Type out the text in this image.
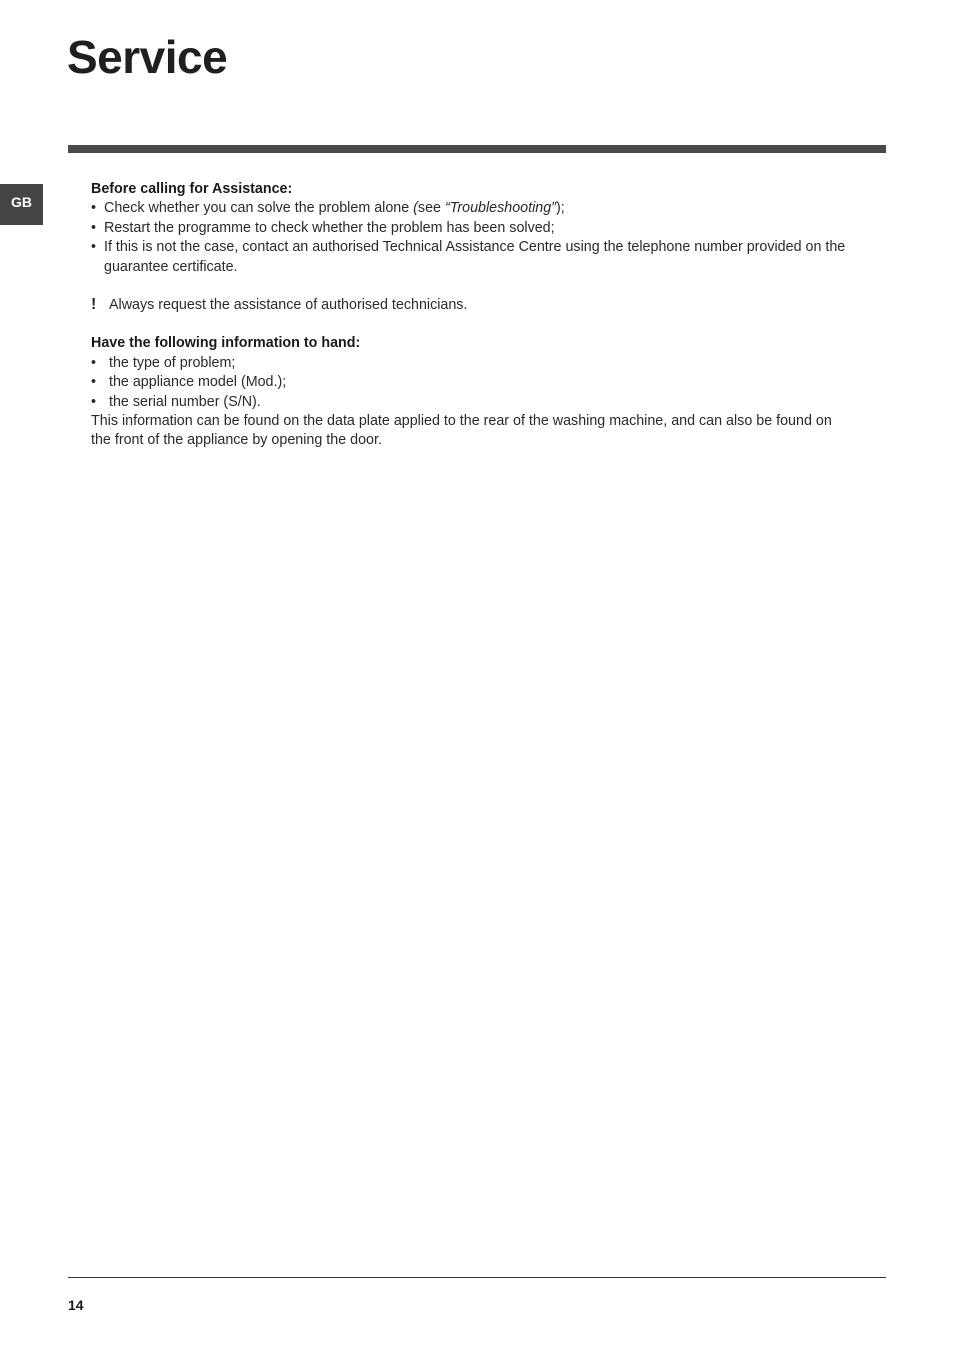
Service
GB

Before calling for Assistance:

• Check whether you can solve the problem alone (see “Troubleshooting”);
• Restart the programme to check whether the problem has been solved;
• If this is not the case, contact an authorised Technical Assistance Centre using the telephone number provided on the guarantee certificate.
! Always request the assistance of authorised technicians.

Have the following information to hand:

• the type of problem;
• the appliance model (Mod.);
• the serial number (S/N).

This information can be found on the data plate applied to the rear of the washing machine, and can also be found on the front of the appliance by opening the door.

14
